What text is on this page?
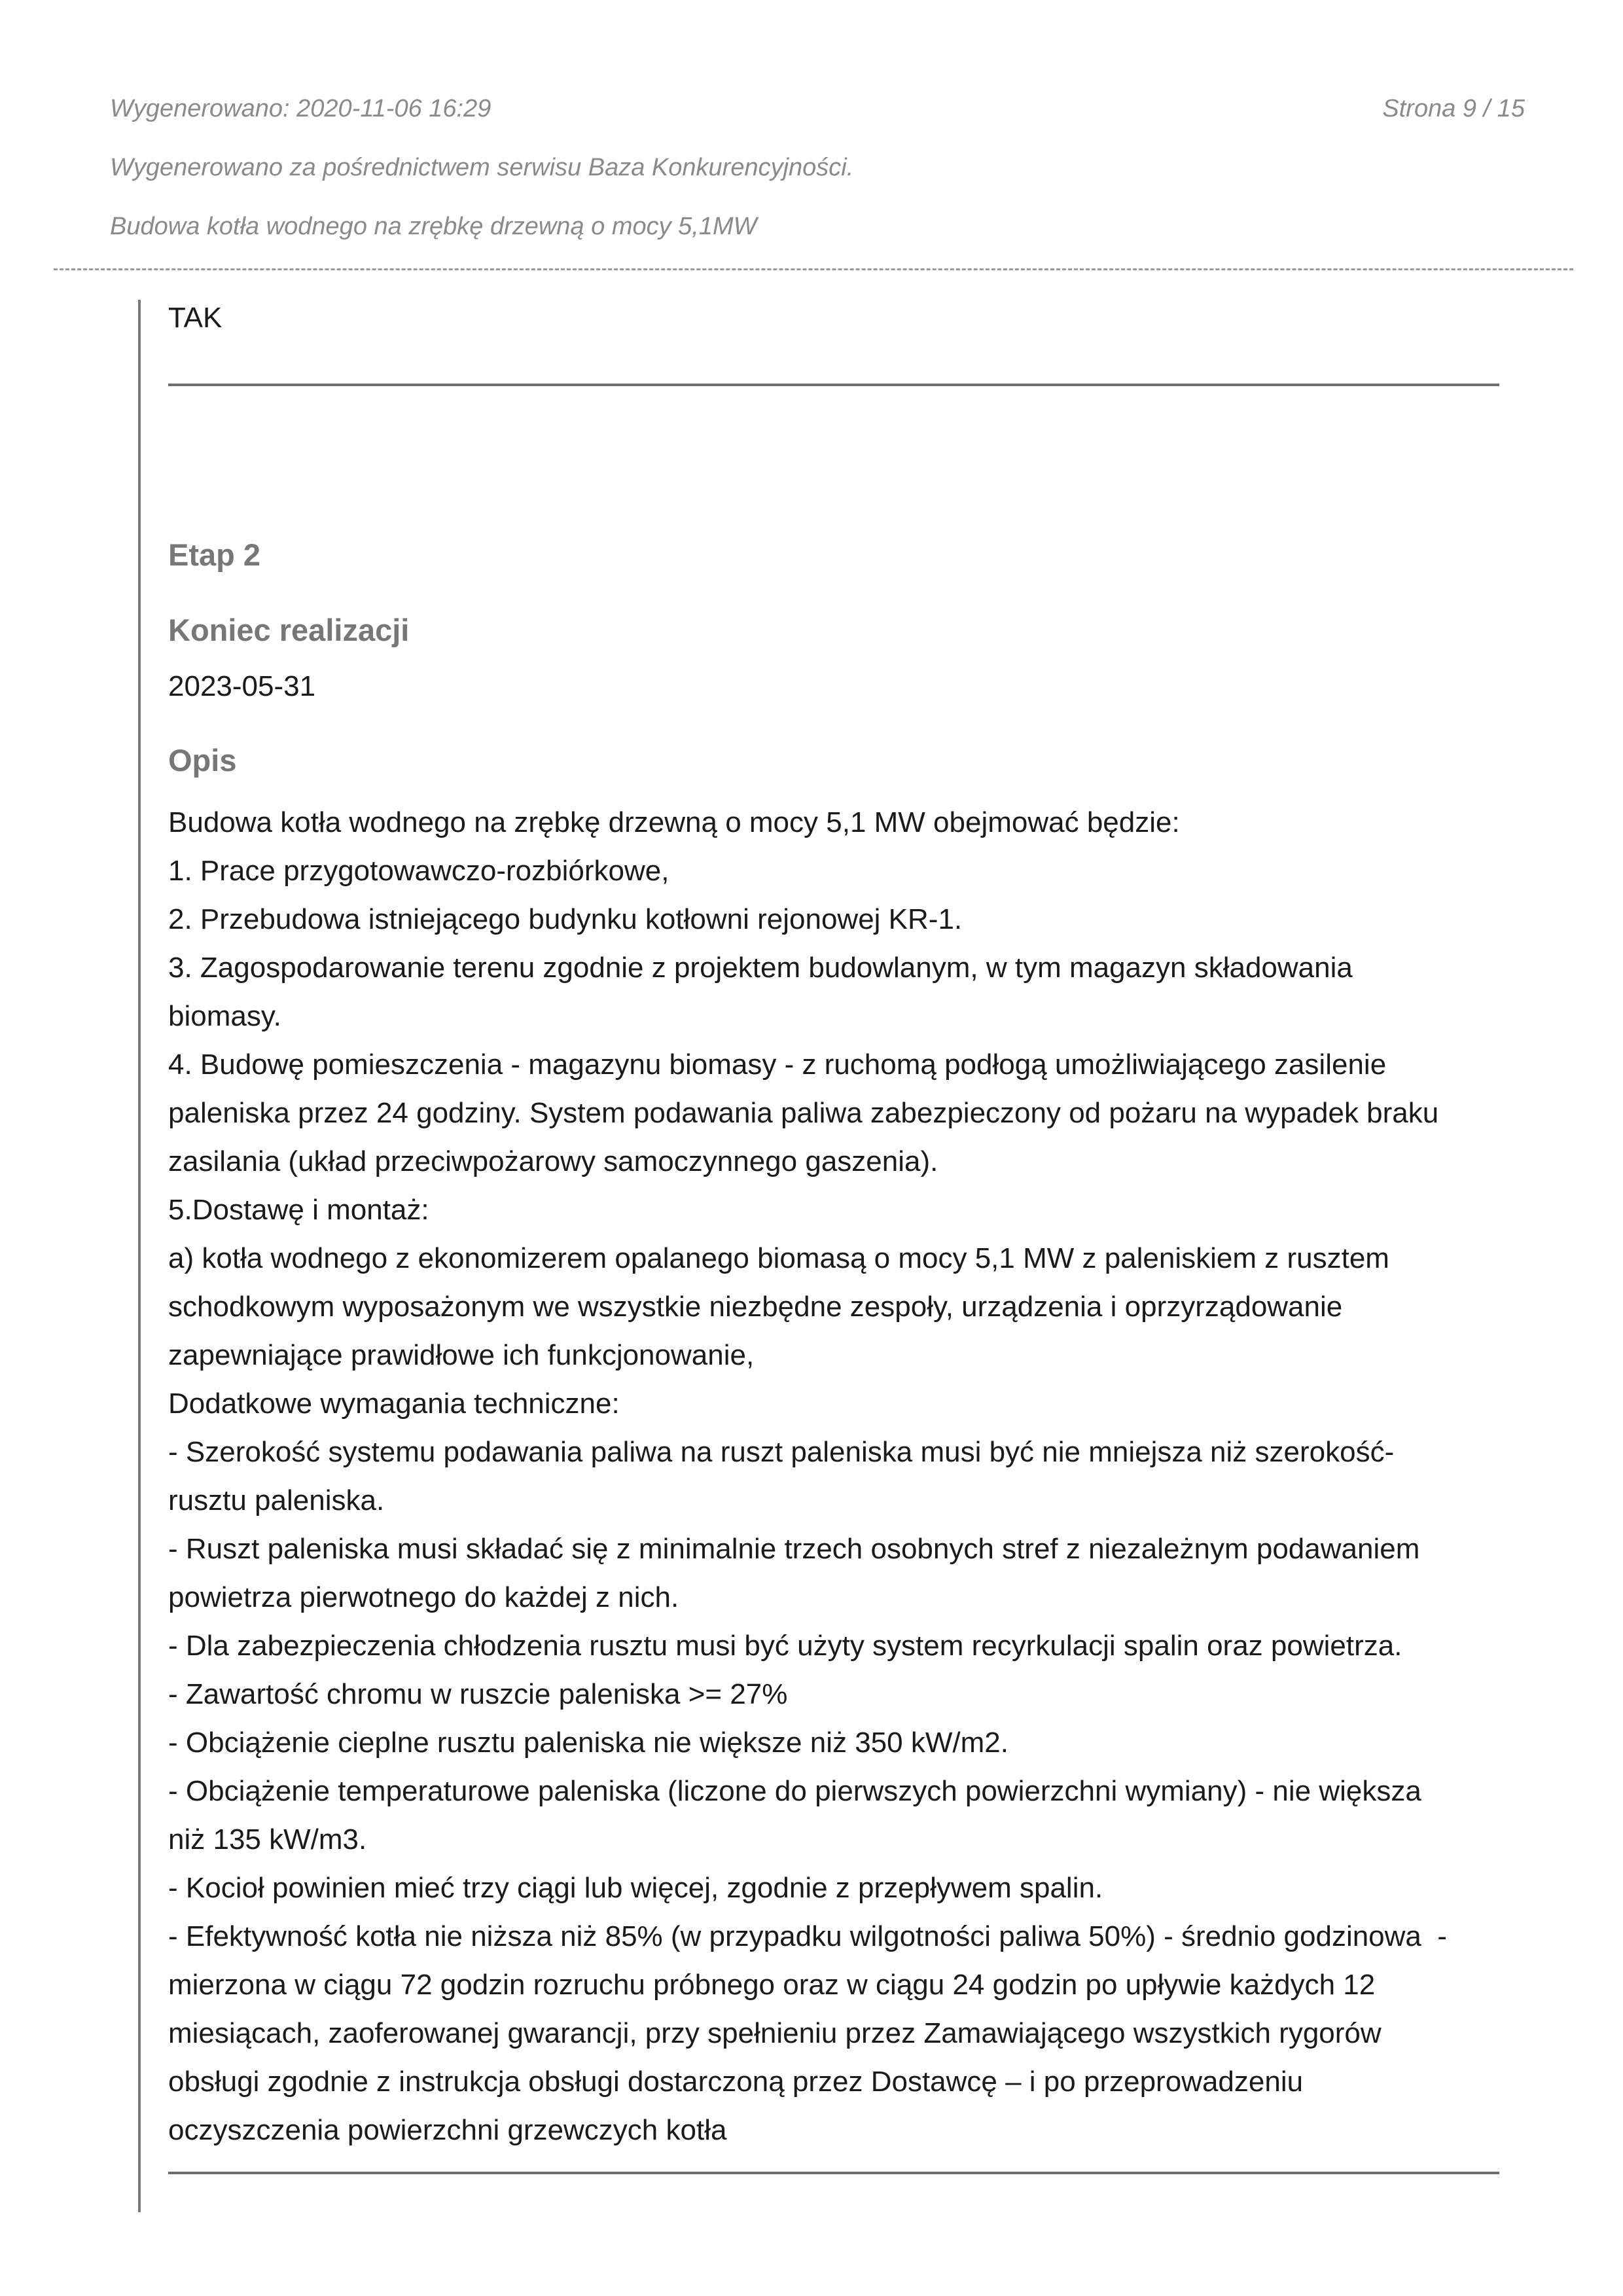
Wygenerowano: 2020-11-06 16:29	Strona 9 / 15
Wygenerowano za pośrednictwem serwisu Baza Konkurencyjności.
Budowa kotła wodnego na zrębkę drzewną o mocy 5,1MW

TAK

Etap 2
Koniec realizacji
2023-05-31
Opis
Budowa kotła wodnego na zrębkę drzewną o mocy 5,1 MW obejmować będzie:
1. Prace przygotowawczo-rozbiórkowe,
2. Przebudowa istniejącego budynku kotłowni rejonowej KR-1.
3. Zagospodarowanie terenu zgodnie z projektem budowlanym, w tym magazyn składowania
biomasy.
4. Budowę pomieszczenia - magazynu biomasy - z ruchomą podłogą umożliwiającego zasilenie
paleniska przez 24 godziny. System podawania paliwa zabezpieczony od pożaru na wypadek braku
zasilania (układ przeciwpożarowy samoczynnego gaszenia).
5.Dostawę i montaż:
a) kotła wodnego z ekonomizerem opalanego biomasą o mocy 5,1 MW z paleniskiem z rusztem
schodkowym wyposażonym we wszystkie niezbędne zespoły, urządzenia i oprzyrządowanie
zapewniające prawidłowe ich funkcjonowanie,
Dodatkowe wymagania techniczne:
- Szerokość systemu podawania paliwa na ruszt paleniska musi być nie mniejsza niż szerokość-
rusztu paleniska.
- Ruszt paleniska musi składać się z minimalnie trzech osobnych stref z niezależnym podawaniem
powietrza pierwotnego do każdej z nich.
- Dla zabezpieczenia chłodzenia rusztu musi być użyty system recyrkulacji spalin oraz powietrza.
- Zawartość chromu w ruszcie paleniska >= 27%
- Obciążenie cieplne rusztu paleniska nie większe niż 350 kW/m2.
- Obciążenie temperaturowe paleniska (liczone do pierwszych powierzchni wymiany) - nie większa
niż 135 kW/m3.
- Kocioł powinien mieć trzy ciągi lub więcej, zgodnie z przepływem spalin.
- Efektywność kotła nie niższa niż 85% (w przypadku wilgotności paliwa 50%) - średnio godzinowa  -
mierzona w ciągu 72 godzin rozruchu próbnego oraz w ciągu 24 godzin po upływie każdych 12
miesiącach, zaoferowanej gwarancji, przy spełnieniu przez Zamawiającego wszystkich rygorów
obsługi zgodnie z instrukcja obsługi dostarczoną przez Dostawcę – i po przeprowadzeniu
oczyszczenia powierzchni grzewczych kotła
